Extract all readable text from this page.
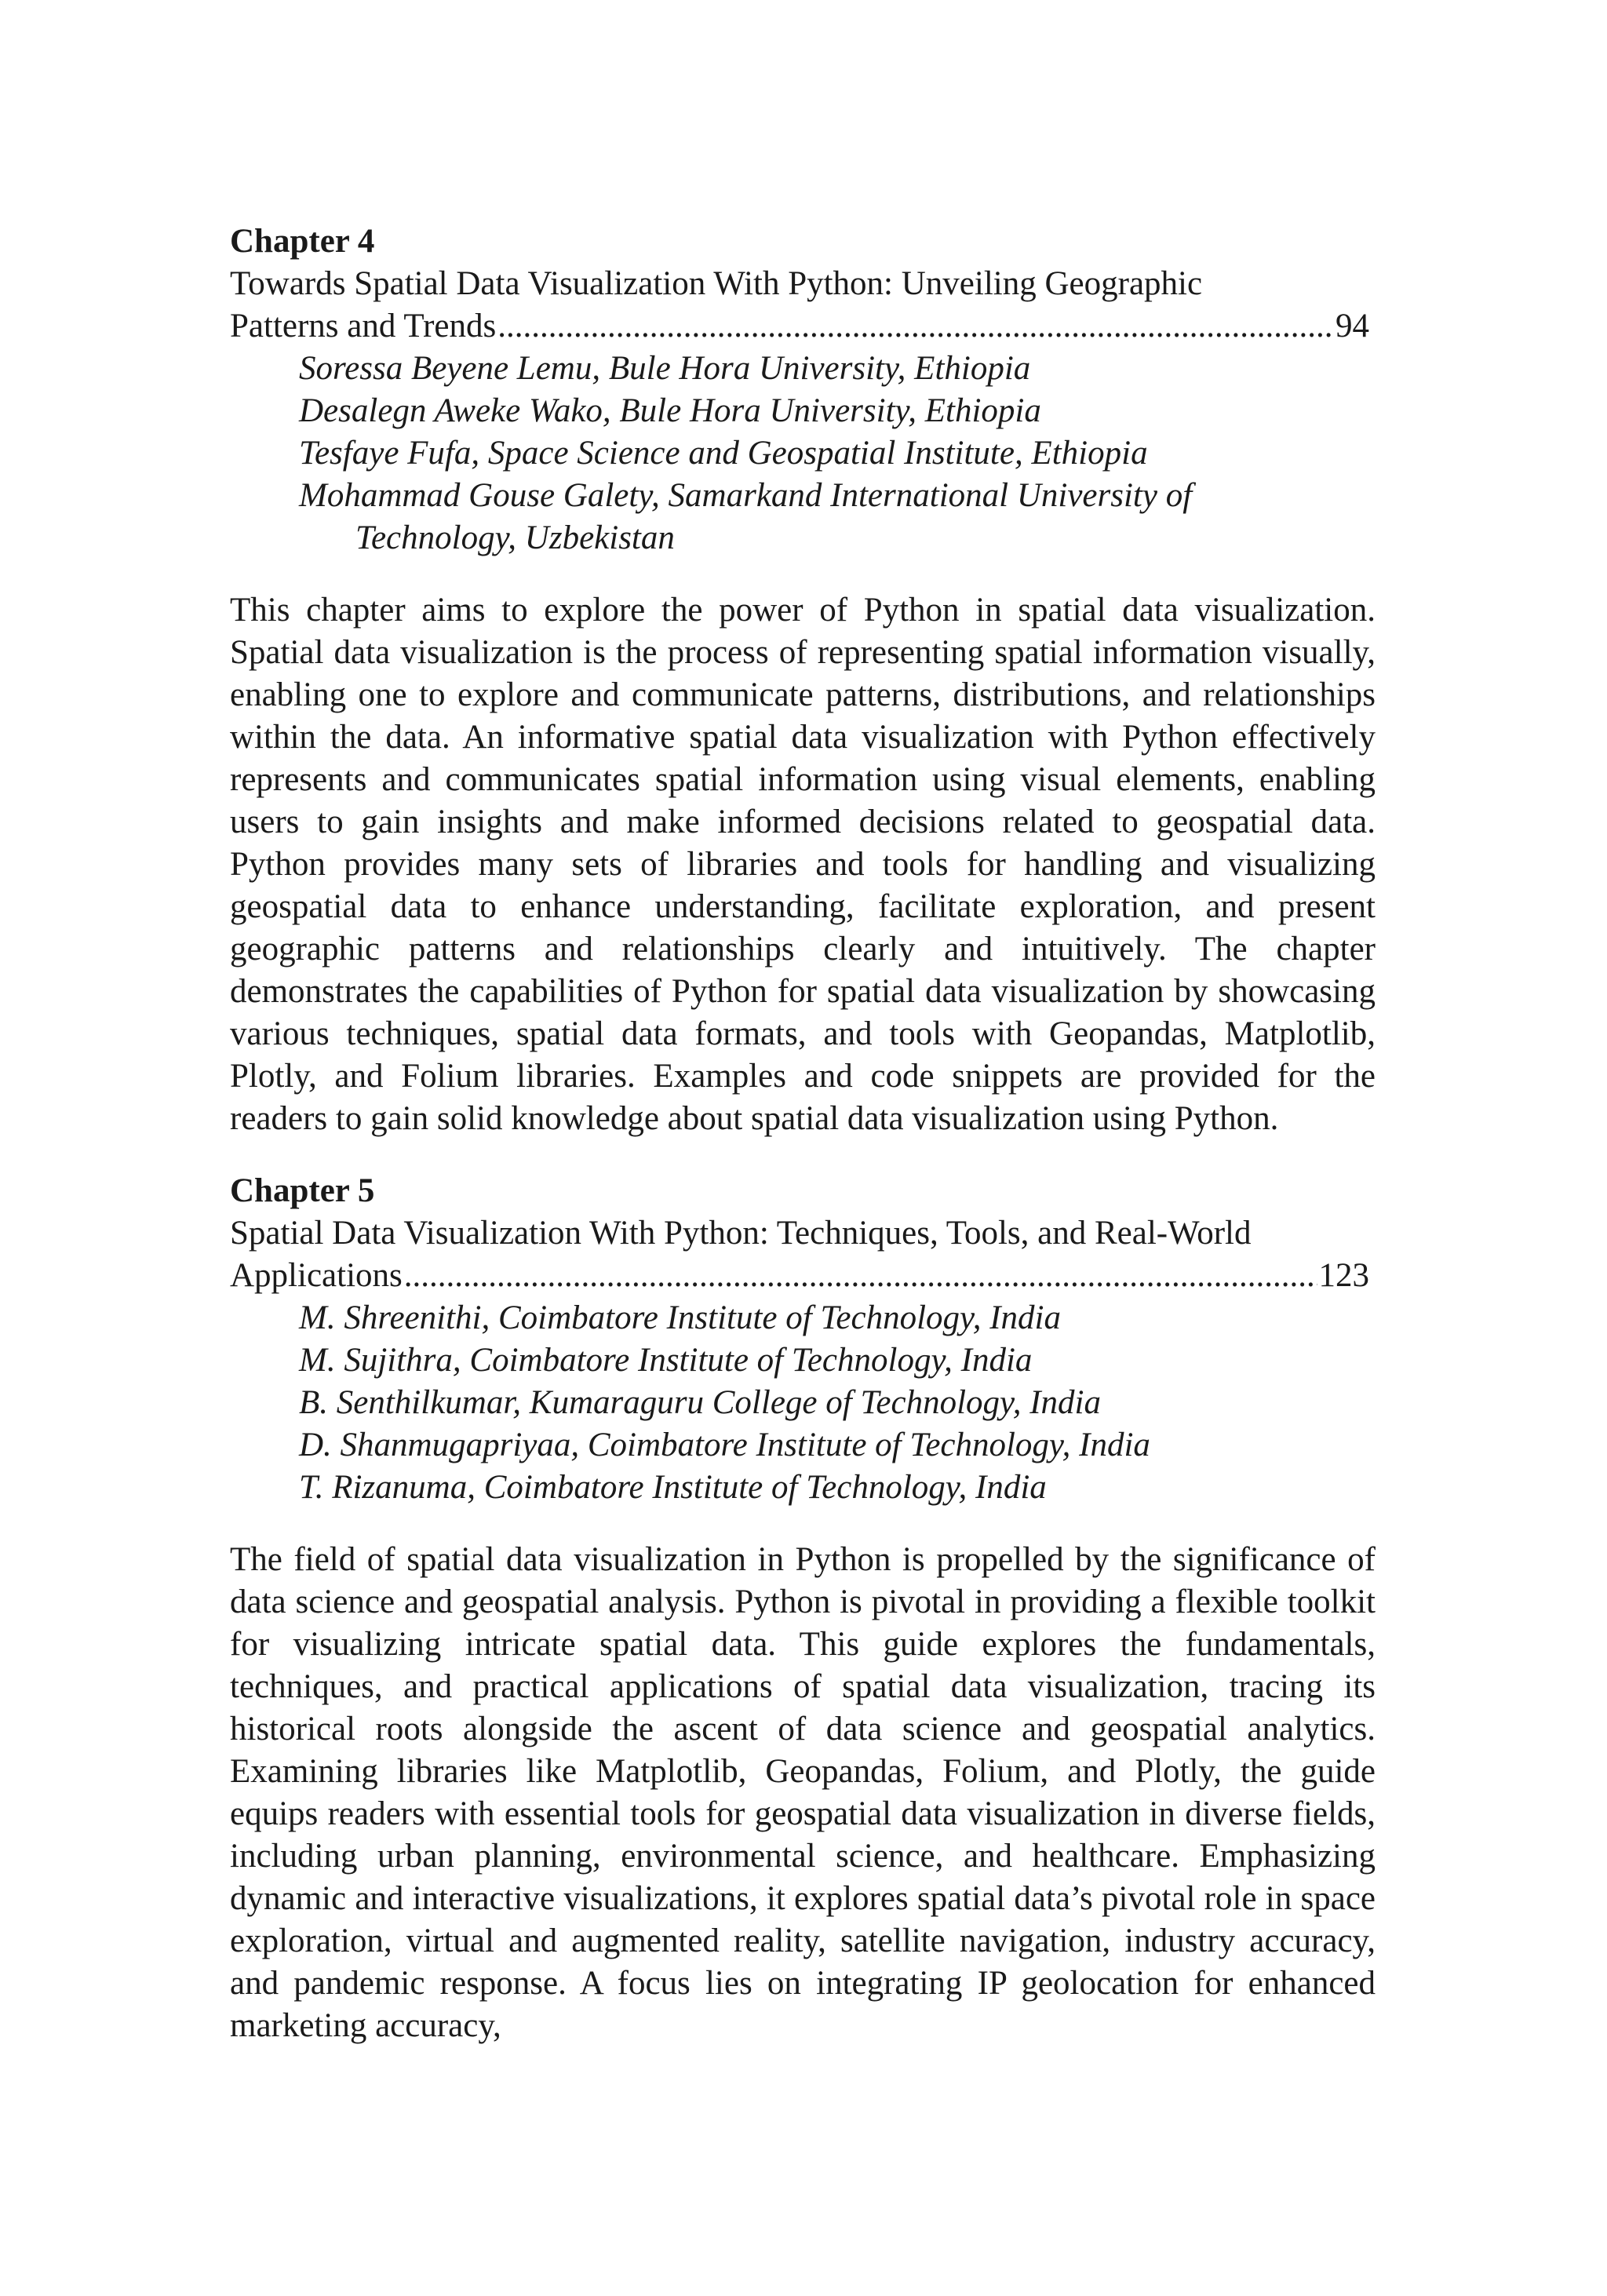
Chapter 4

Towards Spatial Data Visualization With Python: Unveiling Geographic

Patterns and Trends .....	94

Soressa Beyene Lemu, Bule Hora University, Ethiopia

Desalegn Aweke Wako, Bule Hora University, Ethiopia

Tesfaye Fufa, Space Science and Geospatial Institute, Ethiopia

Mohammad Gouse Galety, Samarkand International University of
Technology, Uzbekistan

This chapter aims to explore the power of Python in spatial data visualization. Spatial data visualization is the process of representing spatial information visually, enabling one to explore and communicate patterns, distributions, and relationships within the data. An informative spatial data visualization with Python effectively represents and communicates spatial information using visual elements, enabling users to gain insights and make informed decisions related to geospatial data. Python provides many sets of libraries and tools for handling and visualizing geospatial data to enhance understanding, facilitate exploration, and present geographic patterns and relationships clearly and intuitively. The chapter demonstrates the capabilities of Python for spatial data visualization by showcasing various techniques, spatial data formats, and tools with Geopandas, Matplotlib, Plotly, and Folium libraries. Examples and code snippets are provided for the readers to gain solid knowledge about spatial data visualization using Python.

Chapter 5

Spatial Data Visualization With Python: Techniques, Tools, and Real-World

Applications .....	123

M. Shreenithi, Coimbatore Institute of Technology, India

M. Sujithra, Coimbatore Institute of Technology, India

B. Senthilkumar, Kumaraguru College of Technology, India

D. Shanmugapriyaa, Coimbatore Institute of Technology, India

T. Rizanuma, Coimbatore Institute of Technology, India

The field of spatial data visualization in Python is propelled by the significance of data science and geospatial analysis. Python is pivotal in providing a flexible toolkit for visualizing intricate spatial data. This guide explores the fundamentals, techniques, and practical applications of spatial data visualization, tracing its historical roots alongside the ascent of data science and geospatial analytics. Examining libraries like Matplotlib, Geopandas, Folium, and Plotly, the guide equips readers with essential tools for geospatial data visualization in diverse fields, including urban planning, environmental science, and healthcare. Emphasizing dynamic and interactive visualizations, it explores spatial data’s pivotal role in space exploration, virtual and augmented reality, satellite navigation, industry accuracy, and pandemic response. A focus lies on integrating IP geolocation for enhanced marketing accuracy,
